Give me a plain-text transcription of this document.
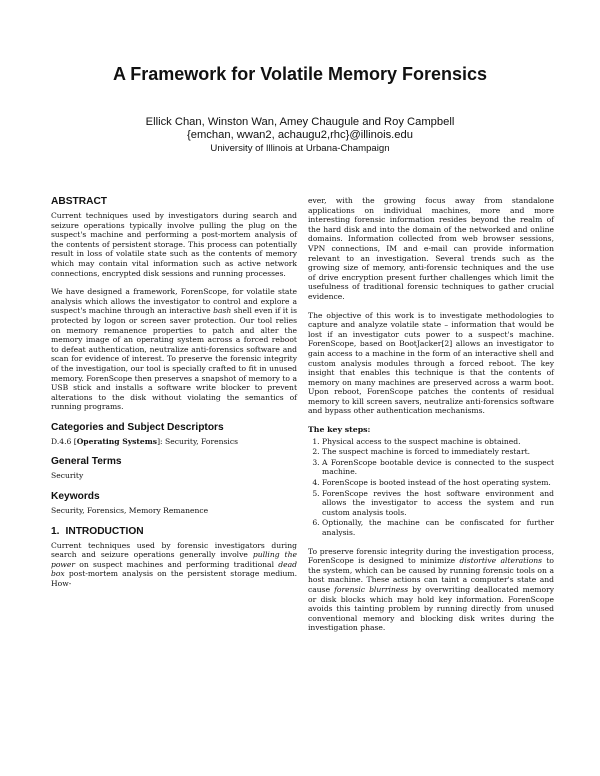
A Framework for Volatile Memory Forensics
Ellick Chan, Winston Wan, Amey Chaugule and Roy Campbell
{emchan, wwan2, achaugu2,rhc}@illinois.edu
University of Illinois at Urbana-Champaign
ABSTRACT

Current techniques used by investigators during search and seizure operations typically involve pulling the plug on the suspect's machine and performing a post-mortem analysis of the contents of persistent storage. This process can potentially result in loss of volatile state such as the contents of memory which may contain vital information such as active network connections, encrypted disk sessions and running processes.

We have designed a framework, ForenScope, for volatile state analysis which allows the investigator to control and explore a suspect's machine through an interactive bash shell even if it is protected by logon or screen saver protection. Our tool relies on memory remanence properties to patch and alter the memory image of an operating system across a forced reboot to defeat authentication, neutralize anti-forensics software and scan for evidence of interest. To preserve the forensic integrity of the investigation, our tool is specially crafted to fit in unused memory. ForenScope then preserves a snapshot of memory to a USB stick and installs a software write blocker to prevent alterations to the disk without violating the semantics of running programs.

Categories and Subject Descriptors

D.4.6 [Operating Systems]: Security, Forensics

General Terms

Security

Keywords

Security, Forensics, Memory Remanence

1. INTRODUCTION

Current techniques used by forensic investigators during search and seizure operations generally involve pulling the power on suspect machines and performing traditional dead box post-mortem analysis on the persistent storage medium. How-

ever, with the growing focus away from standalone applications on individual machines, more and more interesting forensic information resides beyond the realm of the hard disk and into the domain of the networked and online domains. Information collected from web browser sessions, VPN connections, IM and e-mail can provide information relevant to an investigation. Several trends such as the growing size of memory, anti-forensic techniques and the use of drive encryption present further challenges which limit the usefulness of traditional forensic techniques to gather crucial evidence.

The objective of this work is to investigate methodologies to capture and analyze volatile state – information that would be lost if an investigator cuts power to a suspect's machine. ForenScope, based on BootJacker[2] allows an investigator to gain access to a machine in the form of an interactive shell and custom analysis modules through a forced reboot. The key insight that enables this technique is that the contents of memory on many machines are preserved across a warm boot. Upon reboot, ForenScope patches the contents of residual memory to kill screen savers, neutralize anti-forensics software and bypass other authentication mechanisms.

The key steps:
1. Physical access to the suspect machine is obtained.
2. The suspect machine is forced to immediately restart.
3. A ForenScope bootable device is connected to the suspect machine.
4. ForenScope is booted instead of the host operating system.
5. ForenScope revives the host software environment and allows the investigator to access the system and run custom analysis tools.
6. Optionally, the machine can be confiscated for further analysis.

To preserve forensic integrity during the investigation process, ForenScope is designed to minimize distortive alterations to the system, which can be caused by running forensic tools on a host machine. These actions can taint a computer's state and cause forensic blurriness by overwriting deallocated memory or disk blocks which may hold key information. ForenScope avoids this tainting problem by running directly from unused conventional memory and blocking disk writes during the investigation phase.
